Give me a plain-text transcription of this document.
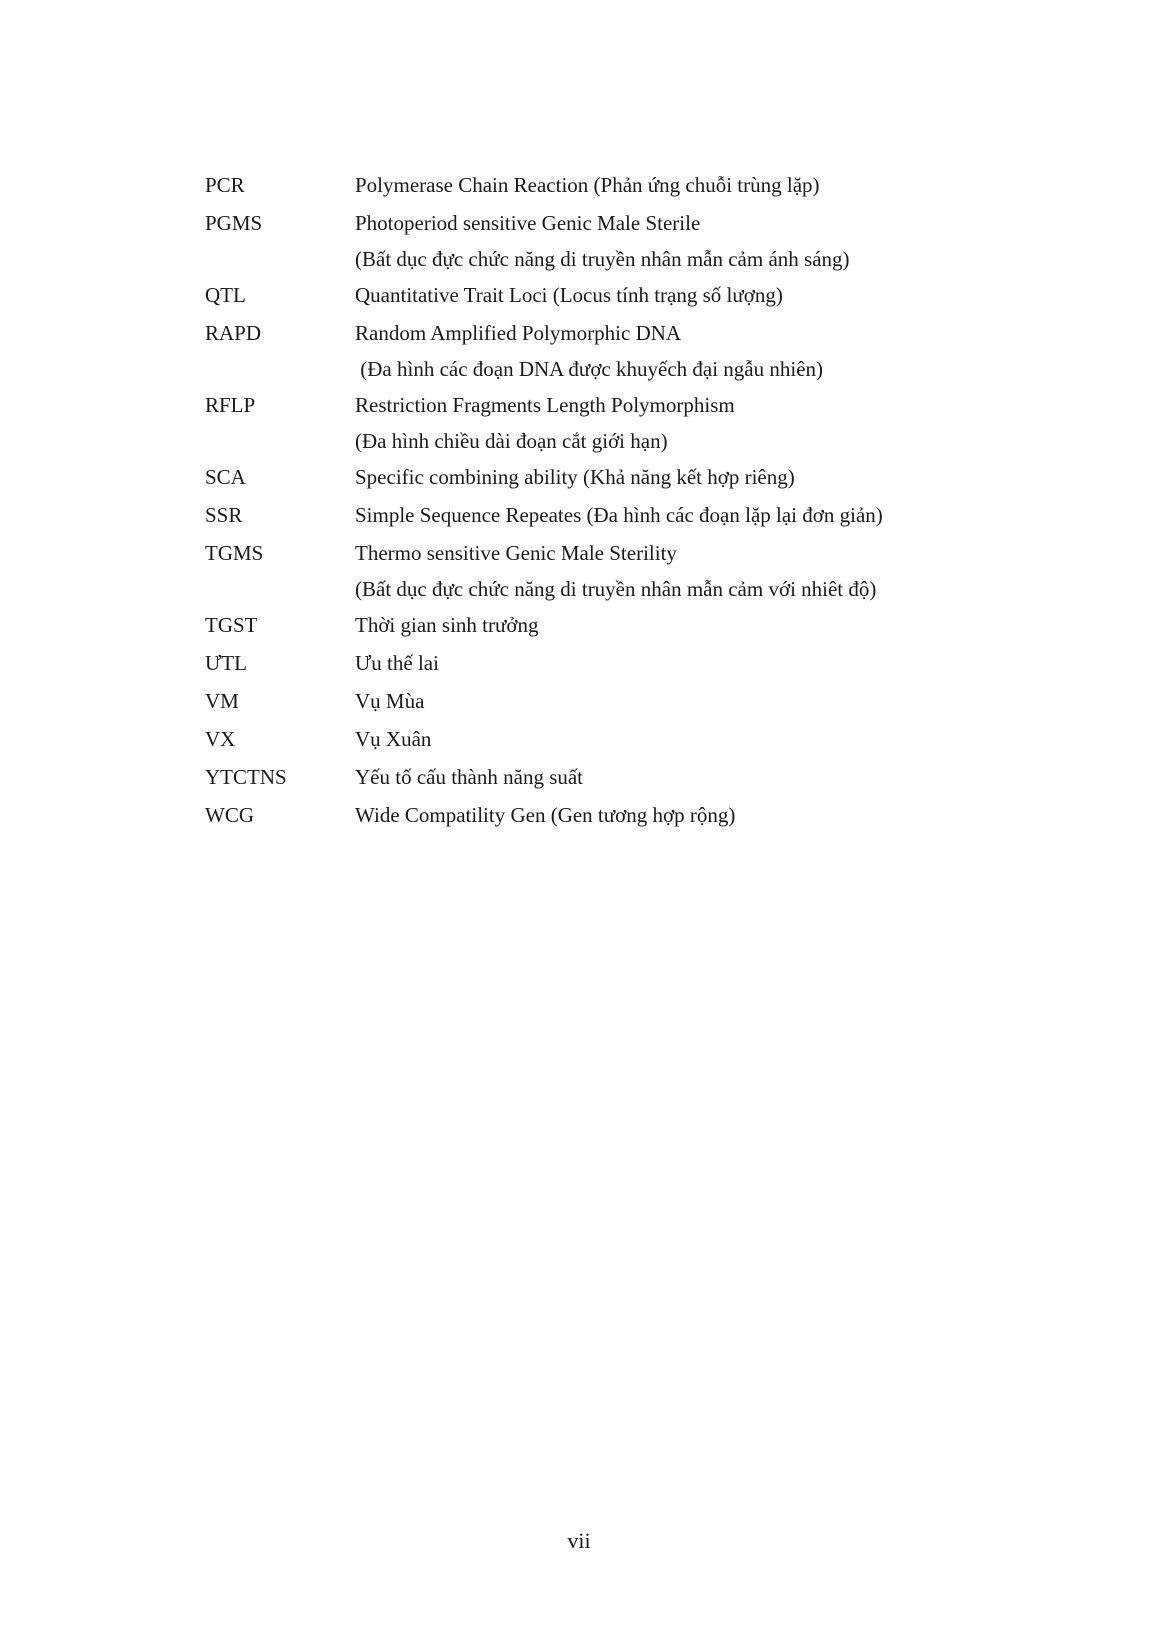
PCR	Polymerase Chain Reaction (Phản ứng chuỗi trùng lặp)
PGMS	Photoperiod sensitive Genic Male Sterile
(Bất dục đực chức năng di truyền nhân mẫn cảm ánh sáng)
QTL	Quantitative Trait Loci (Locus tính trạng số lượng)
RAPD	Random Amplified Polymorphic DNA
(Đa hình các đoạn DNA được khuyếch đại ngẫu nhiên)
RFLP	Restriction Fragments Length Polymorphism
(Đa hình chiều dài đoạn cắt giới hạn)
SCA	Specific combining ability (Khả năng kết hợp riêng)
SSR	Simple Sequence Repeates (Đa hình các đoạn lặp lại đơn giản)
TGMS	Thermo sensitive Genic Male Sterility
(Bất dục đực chức năng di truyền nhân mẫn cảm với nhiêt độ)
TGST	Thời gian sinh trưởng
ƯTL	Ưu thế lai
VM	Vụ Mùa
VX	Vụ Xuân
YTCTNS	Yếu tố cấu thành năng suất
WCG	Wide Compatility Gen (Gen tương hợp rộng)
vii
